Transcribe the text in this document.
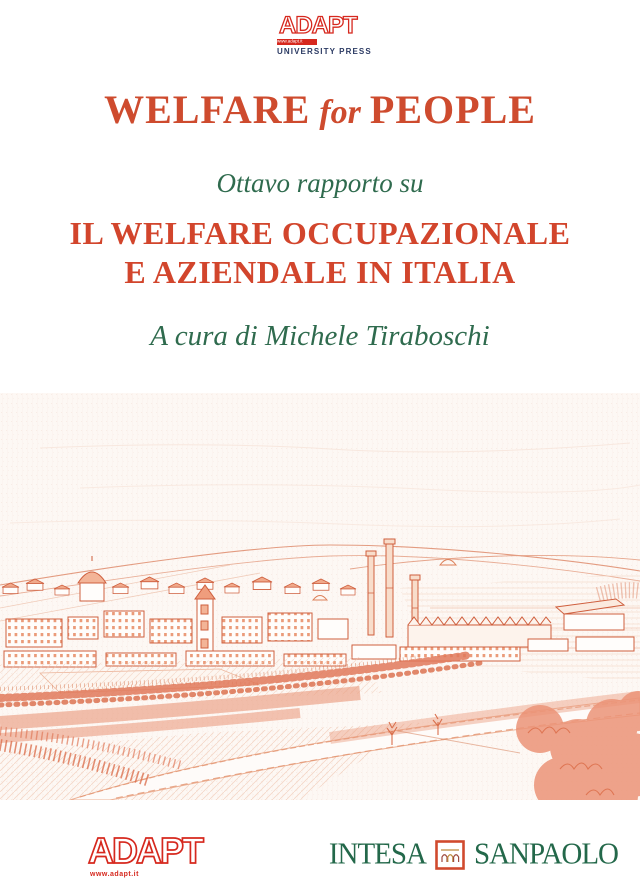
ADAPT
www.adapt.it
UNIVERSITY PRESS
WELFARE for PEOPLE

Ottavo rapporto su

IL WELFARE OCCUPAZIONALE
E AZIENDALE IN ITALIA

A cura di Michele Tiraboschi

ADAPT
www.adapt.it
INTESA SANPAOLO
